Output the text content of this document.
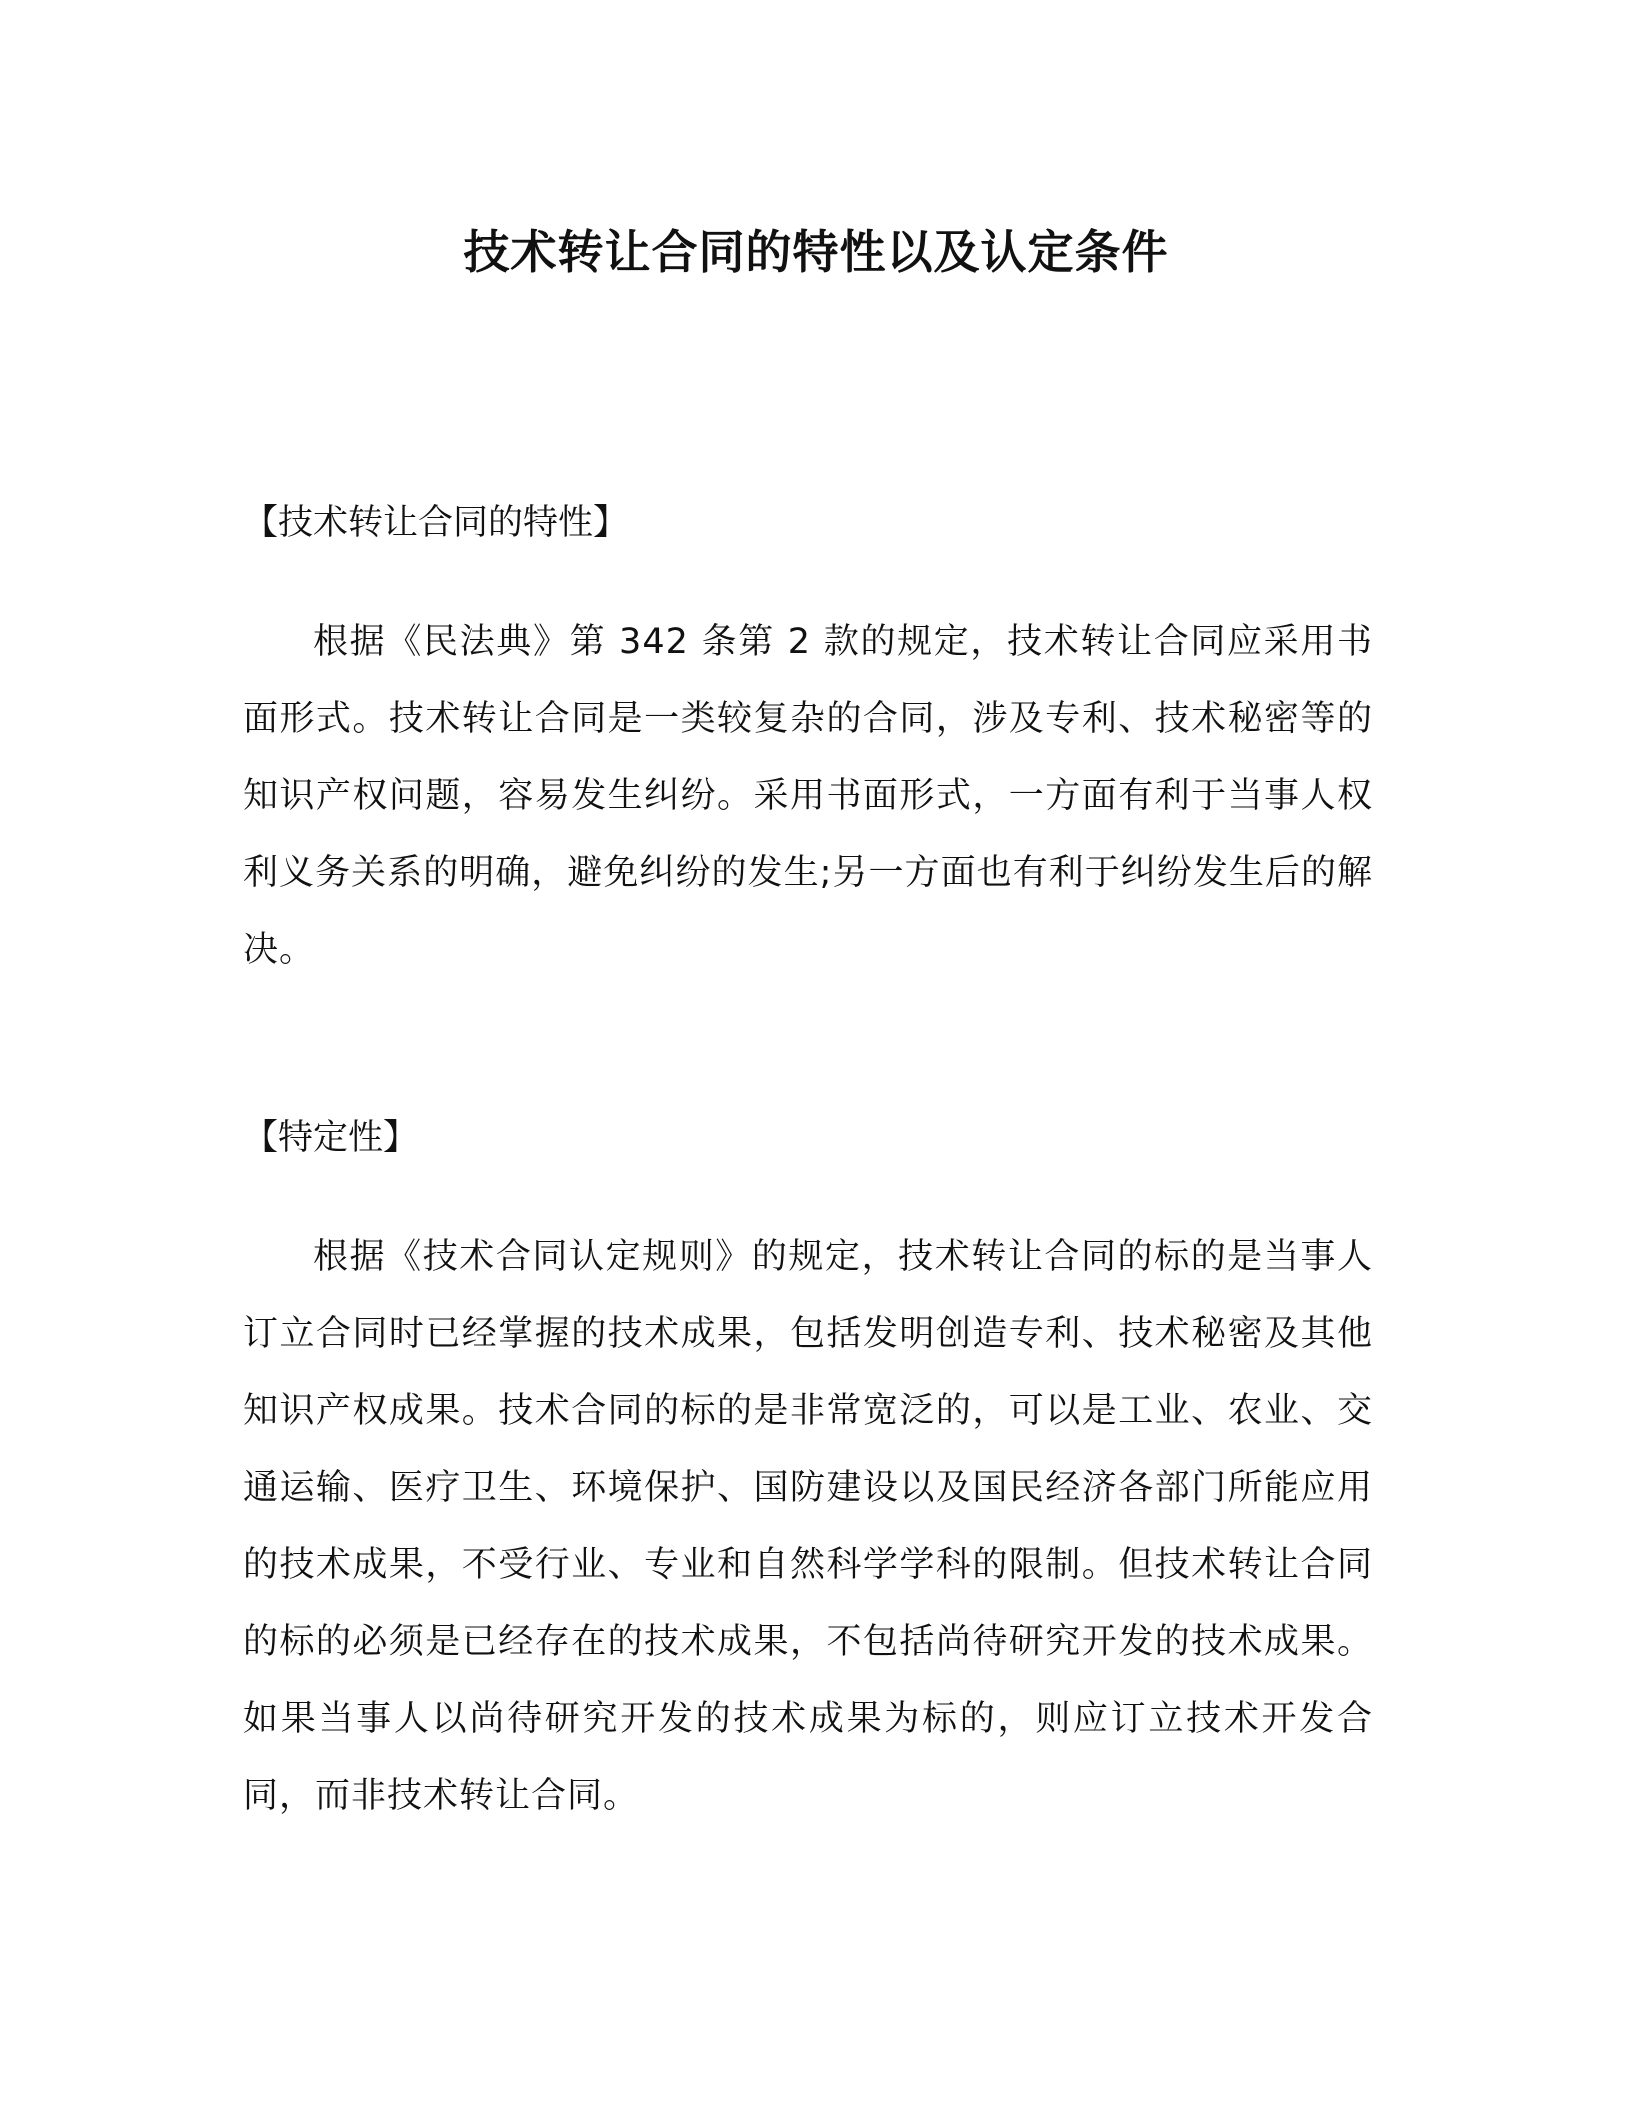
技术转让合同的特性以及认定条件
【技术转让合同的特性】

根据《民法典》第 342 条第 2 款的规定，技术转让合同应采用书面形式。技术转让合同是一类较复杂的合同，涉及专利、技术秘密等的知识产权问题，容易发生纠纷。采用书面形式，一方面有利于当事人权利义务关系的明确，避免纠纷的发生;另一方面也有利于纠纷发生后的解决。

【特定性】

根据《技术合同认定规则》的规定，技术转让合同的标的是当事人订立合同时已经掌握的技术成果，包括发明创造专利、技术秘密及其他知识产权成果。技术合同的标的是非常宽泛的，可以是工业、农业、交通运输、医疗卫生、环境保护、国防建设以及国民经济各部门所能应用的技术成果，不受行业、专业和自然科学学科的限制。但技术转让合同的标的必须是已经存在的技术成果，不包括尚待研究开发的技术成果。如果当事人以尚待研究开发的技术成果为标的，则应订立技术开发合同，而非技术转让合同。
